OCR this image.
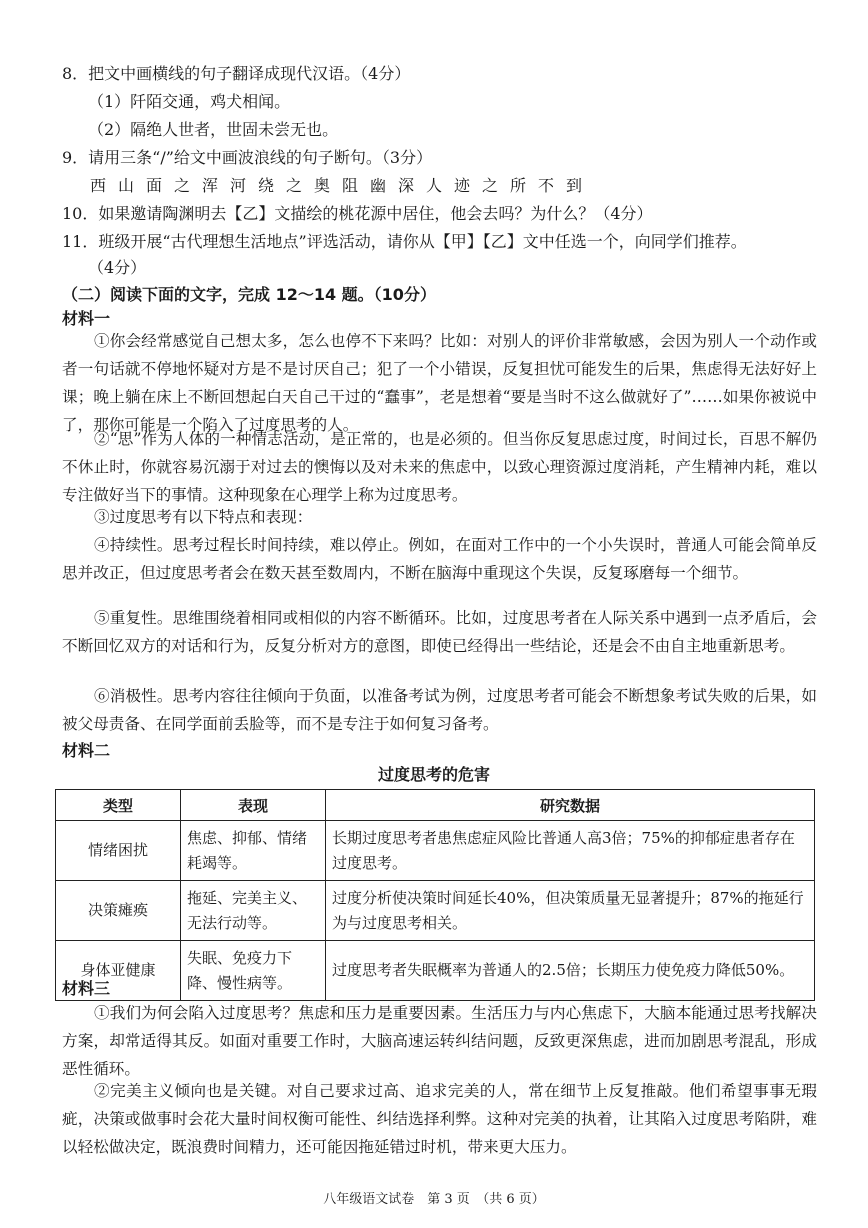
8．把文中画横线的句子翻译成现代汉语。（4分）
（1）阡陌交通，鸡犬相闻。
（2）隔绝人世者，世固未尝无也。
9．请用三条“/”给文中画波浪线的句子断句。（3分）
西山面之浑河绕之奥阻幽深人迹之所不到
10．如果邀请陶渊明去【乙】文描绘的桃花源中居住，他会去吗？为什么？（4分）
11．班级开展“古代理想生活地点”评选活动，请你从【甲】【乙】文中任选一个，向同学们推荐。
（4分）
（二）阅读下面的文字，完成 12～14 题。（10分）
材料一
①你会经常感觉自己想太多，怎么也停不下来吗？比如：对别人的评价非常敏感，会因为别人一个动作或者一句话就不停地怀疑对方是不是讨厌自己；犯了一个小错误，反复担忧可能发生的后果，焦虑得无法好好上课；晚上躺在床上不断回想起白天自己干过的“蠢事”，老是想着“要是当时不这么做就好了”……如果你被说中了，那你可能是一个陷入了过度思考的人。
②“思”作为人体的一种情志活动，是正常的，也是必须的。但当你反复思虑过度，时间过长，百思不解仍不休止时，你就容易沉溺于对过去的懊悔以及对未来的焦虑中，以致心理资源过度消耗，产生精神内耗，难以专注做好当下的事情。这种现象在心理学上称为过度思考。
③过度思考有以下特点和表现：
④持续性。思考过程长时间持续，难以停止。例如，在面对工作中的一个小失误时，普通人可能会简单反思并改正，但过度思考者会在数天甚至数周内，不断在脑海中重现这个失误，反复琢磨每一个细节。
⑤重复性。思维围绕着相同或相似的内容不断循环。比如，过度思考者在人际关系中遇到一点矛盾后，会不断回忆双方的对话和行为，反复分析对方的意图，即使已经得出一些结论，还是会不由自主地重新思考。
⑥消极性。思考内容往往倾向于负面，以准备考试为例，过度思考者可能会不断想象考试失败的后果，如被父母责备、在同学面前丢脸等，而不是专注于如何复习备考。
材料二
过度思考的危害
类型	表现	研究数据
情绪困扰	焦虑、抑郁、情绪耗竭等。	长期过度思考者患焦虑症风险比普通人高3倍；75%的抑郁症患者存在过度思考。
决策瘫痪	拖延、完美主义、无法行动等。	过度分析使决策时间延长40%，但决策质量无显著提升；87%的拖延行为与过度思考相关。
身体亚健康	失眠、免疫力下降、慢性病等。	过度思考者失眠概率为普通人的2.5倍；长期压力使免疫力降低50%。
材料三
①我们为何会陷入过度思考？焦虑和压力是重要因素。生活压力与内心焦虑下，大脑本能通过思考找解决方案，却常适得其反。如面对重要工作时，大脑高速运转纠结问题，反致更深焦虑，进而加剧思考混乱，形成恶性循环。
②完美主义倾向也是关键。对自己要求过高、追求完美的人，常在细节上反复推敲。他们希望事事无瑕疵，决策或做事时会花大量时间权衡可能性、纠结选择利弊。这种对完美的执着，让其陷入过度思考陷阱，难以轻松做决定，既浪费时间精力，还可能因拖延错过时机，带来更大压力。
八年级语文试卷　第 3 页　（共 6 页）
